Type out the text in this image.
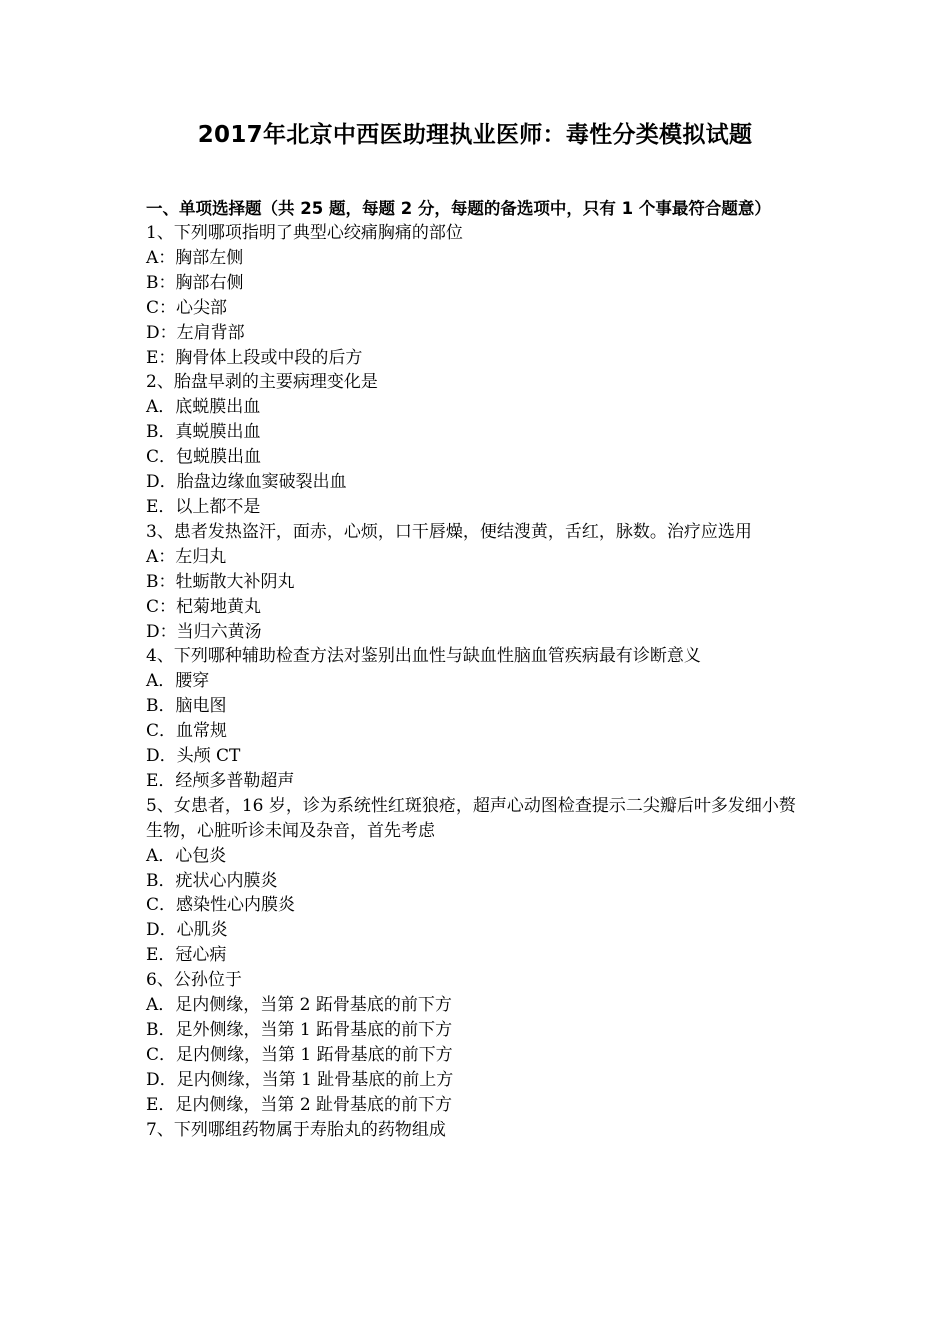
2017年北京中西医助理执业医师：毒性分类模拟试题
一、单项选择题（共 25 题，每题 2 分，每题的备选项中，只有 1 个事最符合题意）
1、下列哪项指明了典型心绞痛胸痛的部位
A：胸部左侧
B：胸部右侧
C：心尖部
D：左肩背部
E：胸骨体上段或中段的后方
2、胎盘早剥的主要病理变化是
A．底蜕膜出血
B．真蜕膜出血
C．包蜕膜出血
D．胎盘边缘血窦破裂出血
E．以上都不是
3、患者发热盗汗，面赤，心烦，口干唇燥，便结溲黄，舌红，脉数。治疗应选用
A：左归丸
B：牡蛎散大补阴丸
C：杞菊地黄丸
D：当归六黄汤
4、下列哪种辅助检查方法对鉴别出血性与缺血性脑血管疾病最有诊断意义
A．腰穿
B．脑电图
C．血常规
D．头颅 CT
E．经颅多普勒超声
5、女患者，16 岁，诊为系统性红斑狼疮，超声心动图检查提示二尖瓣后叶多发细小赘生物，心脏听诊未闻及杂音，首先考虑
A．心包炎
B．疣状心内膜炎
C．感染性心内膜炎
D．心肌炎
E．冠心病
6、公孙位于
A．足内侧缘，当第 2 跖骨基底的前下方
B．足外侧缘，当第 1 跖骨基底的前下方
C．足内侧缘，当第 1 跖骨基底的前下方
D．足内侧缘，当第 1 趾骨基底的前上方
E．足内侧缘，当第 2 趾骨基底的前下方
7、下列哪组药物属于寿胎丸的药物组成
